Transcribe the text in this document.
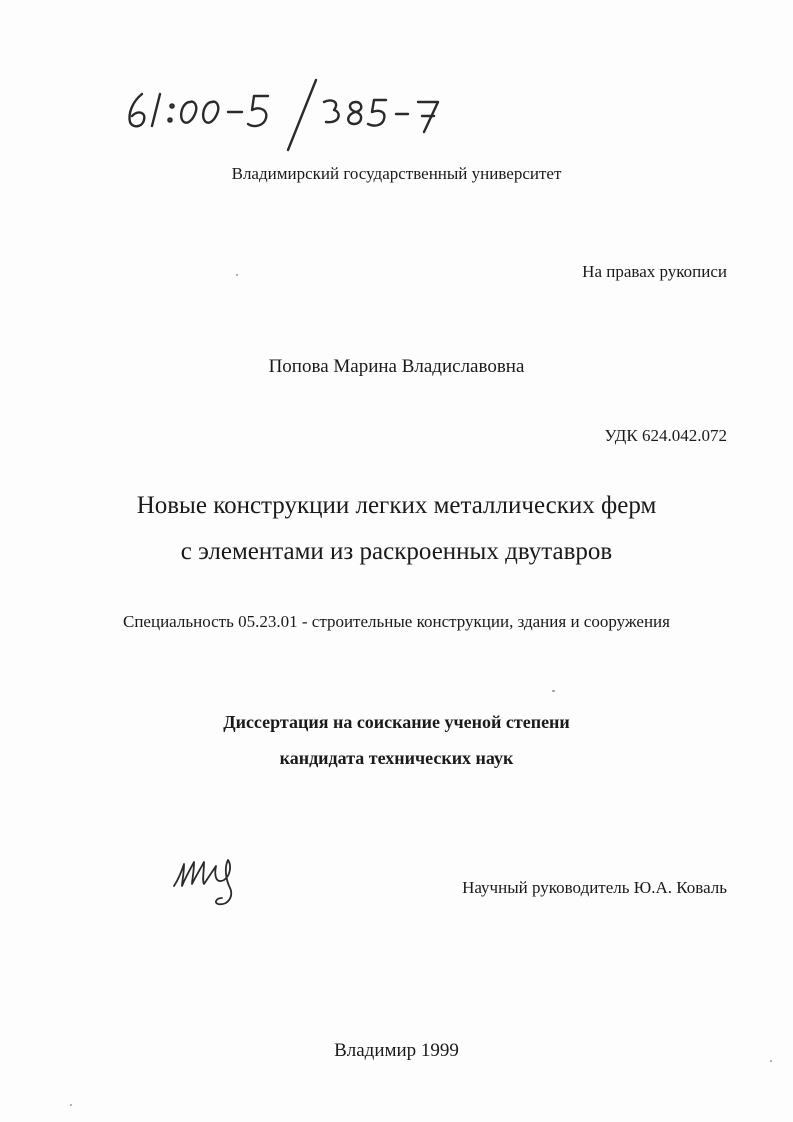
Владимирский государственный университет
На правах рукописи
Попова Марина Владиславовна
УДК 624.042.072
Новые конструкции легких металлических ферм
с элементами из раскроенных двутавров
Специальность 05.23.01 - строительные конструкции, здания и сооружения
Диссертация на соискание ученой степени
кандидата технических наук
Научный руководитель Ю.А. Коваль
Владимир 1999
